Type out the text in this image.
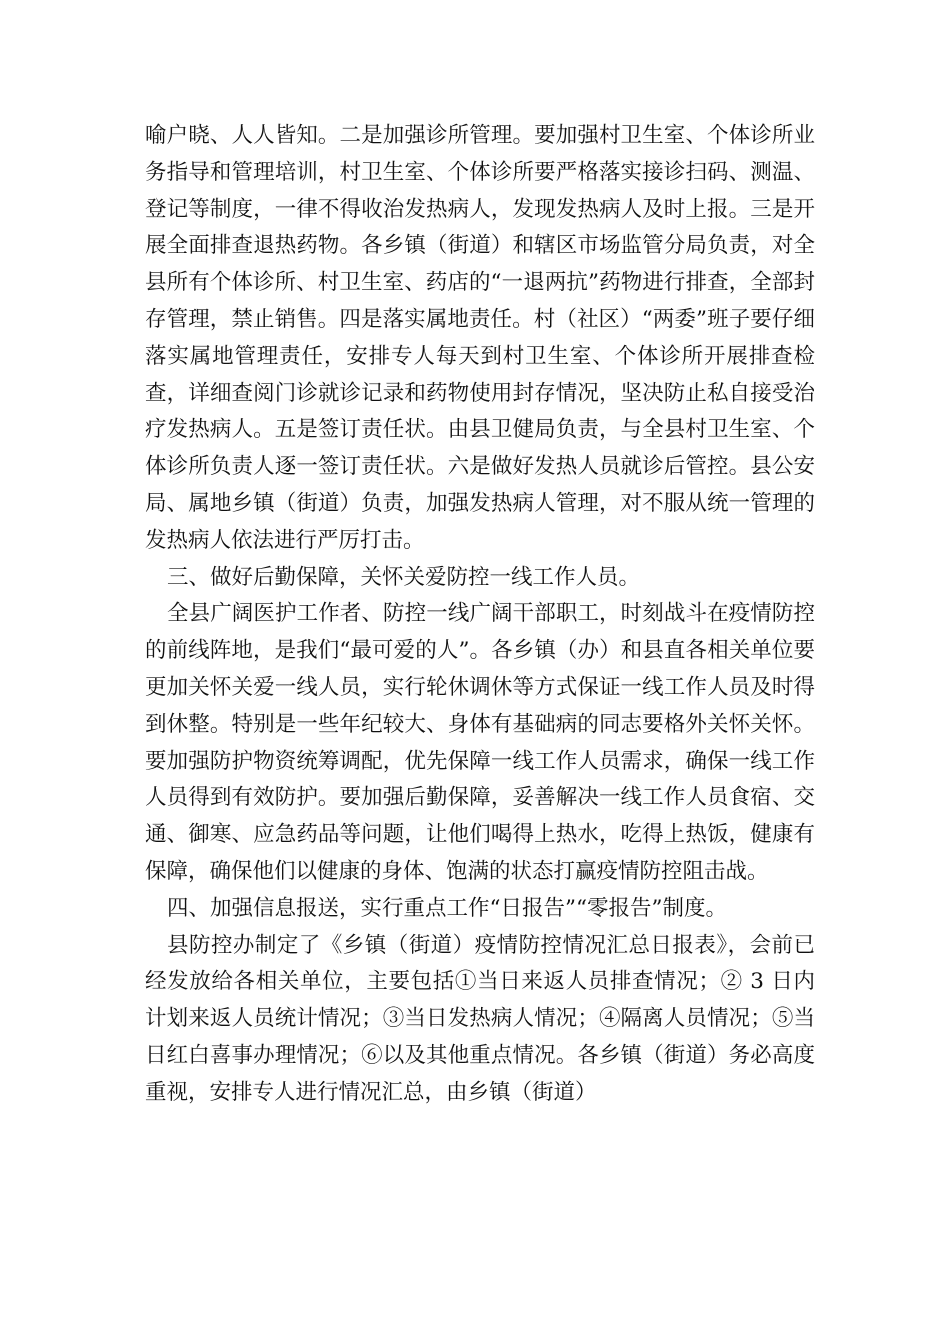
喻户晓、人人皆知。二是加强诊所管理。要加强村卫生室、个体诊所业务指导和管理培训，村卫生室、个体诊所要严格落实接诊扫码、测温、登记等制度，一律不得收治发热病人，发现发热病人及时上报。三是开展全面排查退热药物。各乡镇（街道）和辖区市场监管分局负责，对全县所有个体诊所、村卫生室、药店的“一退两抗”药物进行排查，全部封存管理，禁止销售。四是落实属地责任。村（社区）“两委”班子要仔细落实属地管理责任，安排专人每天到村卫生室、个体诊所开展排查检查，详细查阅门诊就诊记录和药物使用封存情况，坚决防止私自接受治疗发热病人。五是签订责任状。由县卫健局负责，与全县村卫生室、个体诊所负责人逐一签订责任状。六是做好发热人员就诊后管控。县公安局、属地乡镇（街道）负责，加强发热病人管理，对不服从统一管理的发热病人依法进行严厉打击。

三、做好后勤保障，关怀关爱防控一线工作人员。

全县广阔医护工作者、防控一线广阔干部职工，时刻战斗在疫情防控的前线阵地，是我们“最可爱的人”。各乡镇（办）和县直各相关单位要更加关怀关爱一线人员，实行轮休调休等方式保证一线工作人员及时得到休整。特别是一些年纪较大、身体有基础病的同志要格外关怀关怀。要加强防护物资统筹调配，优先保障一线工作人员需求，确保一线工作人员得到有效防护。要加强后勤保障，妥善解决一线工作人员食宿、交通、御寒、应急药品等问题，让他们喝得上热水，吃得上热饭，健康有保障，确保他们以健康的身体、饱满的状态打赢疫情防控阻击战。

四、加强信息报送，实行重点工作“日报告”“零报告”制度。

县防控办制定了《乡镇（街道）疫情防控情况汇总日报表》，会前已经发放给各相关单位，主要包括①当日来返人员排查情况；② 3 日内计划来返人员统计情况；③当日发热病人情况；④隔离人员情况；⑤当日红白喜事办理情况；⑥以及其他重点情况。各乡镇（街道）务必高度重视，安排专人进行情况汇总，由乡镇（街道）
